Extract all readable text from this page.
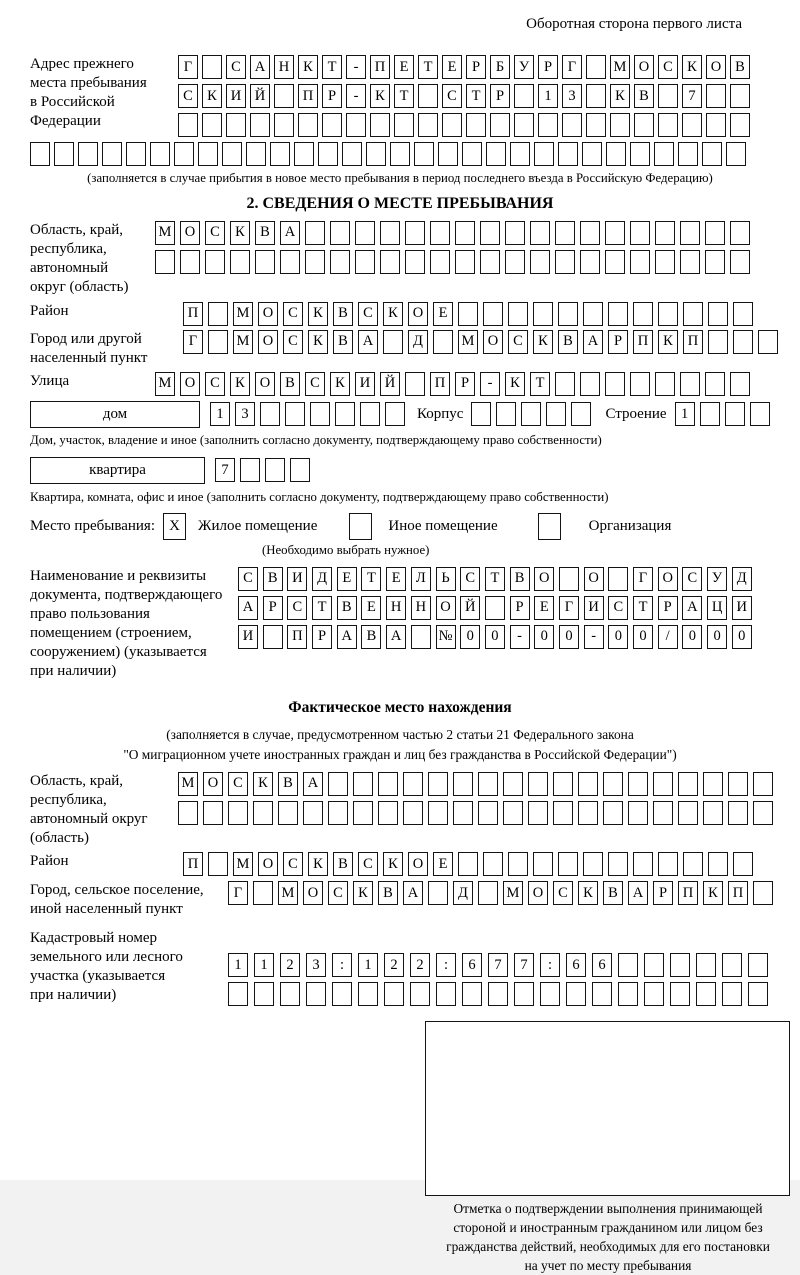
Оборотная сторона первого листа
Адрес прежнего
места пребывания
в Российской
Федерации
Г	С А Н К	Т	-	П Е	Т	Е	Р	Б	У	Р	Г	М О С К О В
С К И Й	П	Р	-	К	Т	С	Т	Р	1	3	К В	7
(заполняется в случае прибытия в новое место пребывания в период последнего въезда в Российскую Федерацию)
2. СВЕДЕНИЯ О МЕСТЕ ПРЕБЫВАНИЯ
Область, край,
республика,
автономный
округ (область)
М О	С	К	В	А
Район	П	М О	С	К	В	С	К	О	Е
Город или другой
населенный пункт
Г	М О	С	К	В	А	Д	М О	С	К	В	А	Р	П	К	П
Улица	М О	С	К	О	В	С	К	И	Й	П	Р	-	К	Т
дом	1	3	Корпус	Строение 1
Дом, участок, владение и иное (заполнить согласно документу, подтверждающему право собственности)
квартира	7
Квартира, комната, офис и иное (заполнить согласно документу, подтверждающему право собственности)
Место пребывания: X	Жилое помещение	Иное помещение	Организация
(Необходимо выбрать нужное)
Наименование и реквизиты
документа, подтверждающего
право пользования
помещением (строением,
сооружением) (указывается
при наличии)
С	В	И	Д	Е	Т	Е	Л	Ь	С	Т	В	О	О	Г	О	С	У	Д
А	Р	С	Т	В	Е	Н Н О Й	Р	Е	Г	И	С	Т	Р	А Ц И
И	П	Р	А	В	А	№ 0	0	-	0	0	-	0	0	/	0	0	0
Фактическое место нахождения
(заполняется в случае, предусмотренном частью 2 статьи 21 Федерального закона
"О миграционном учете иностранных граждан и лиц без гражданства в Российской Федерации")
Область, край,
республика,
автономный округ
(область)
М О	С	К	В	А
Район	П	М О	С	К	В	С	К	О	Е
Город, сельское поселение,
иной населенный пункт
Г	М О	С	К	В	А	Д	М О	С	К	В	А	Р	П	К	П
Кадастровый номер
земельного или лесного
участка (указывается
при наличии)
1	1	2	3	:	1	2	2	:	6	7	7	:	6	6
Отметка о подтверждении выполнения принимающей
стороной и иностранным гражданином или лицом без
гражданства действий, необходимых для его постановки
на учет по месту пребывания
